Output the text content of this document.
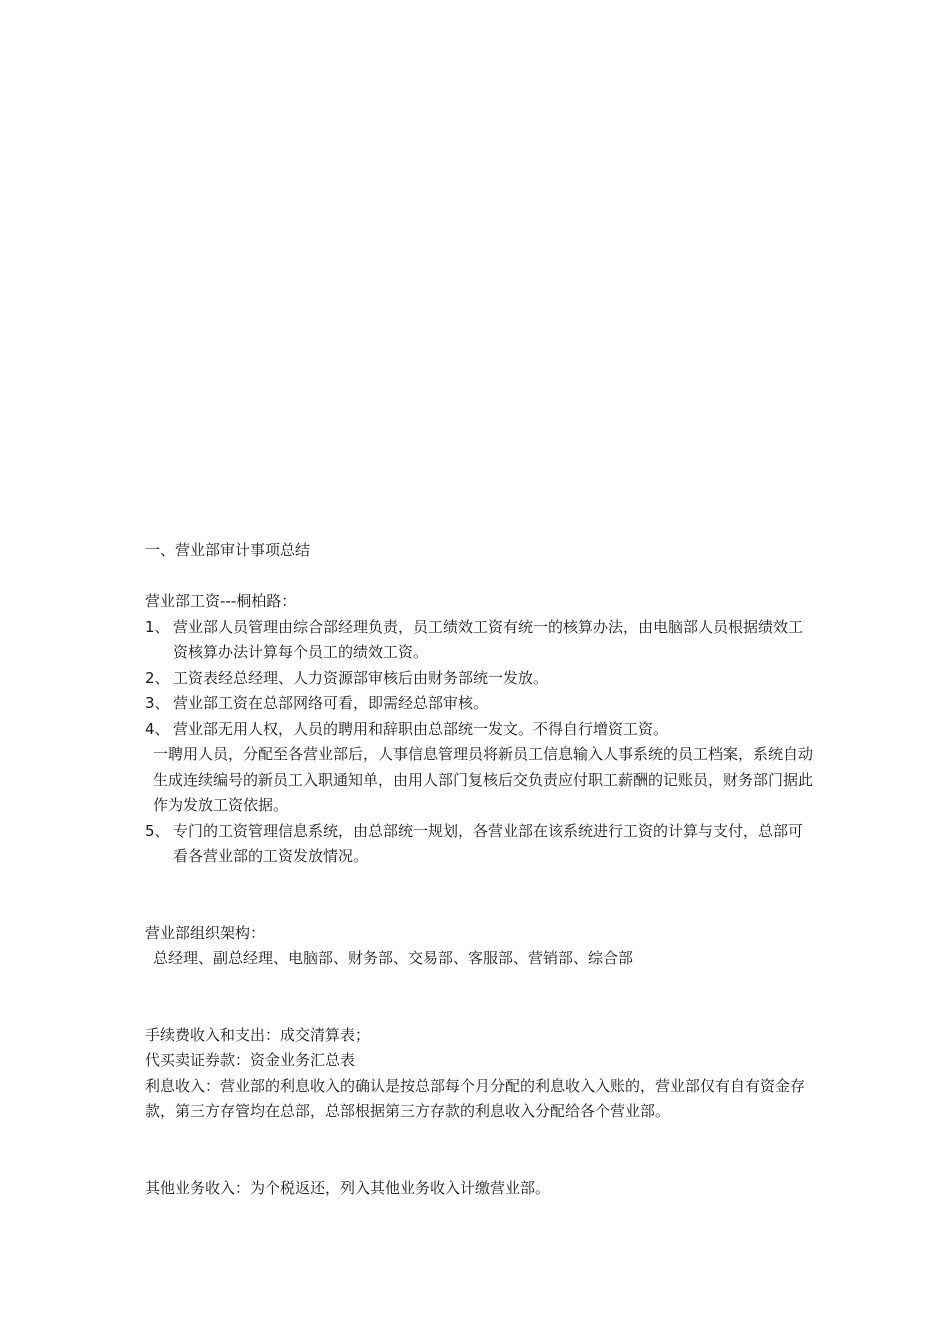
一、营业部审计事项总结

营业部工资---桐柏路：

1、 营业部人员管理由综合部经理负责，员工绩效工资有统一的核算办法，由电脑部人员根据绩效工资核算办法计算每个员工的绩效工资。
2、 工资表经总经理、人力资源部审核后由财务部统一发放。
3、 营业部工资在总部网络可看，即需经总部审核。
4、 营业部无用人权，人员的聘用和辞职由总部统一发文。不得自行增资工资。

一聘用人员，分配至各营业部后，人事信息管理员将新员工信息输入人事系统的员工档案，系统自动生成连续编号的新员工入职通知单，由用人部门复核后交负责应付职工薪酬的记账员，财务部门据此作为发放工资依据。

5、 专门的工资管理信息系统，由总部统一规划，各营业部在该系统进行工资的计算与支付，总部可看各营业部的工资发放情况。

营业部组织架构：

总经理、副总经理、电脑部、财务部、交易部、客服部、营销部、综合部

手续费收入和支出：成交清算表；

代买卖证券款：资金业务汇总表

利息收入：营业部的利息收入的确认是按总部每个月分配的利息收入入账的，营业部仅有自有资金存款，第三方存管均在总部，总部根据第三方存款的利息收入分配给各个营业部。

其他业务收入：为个税返还，列入其他业务收入计缴营业部。
